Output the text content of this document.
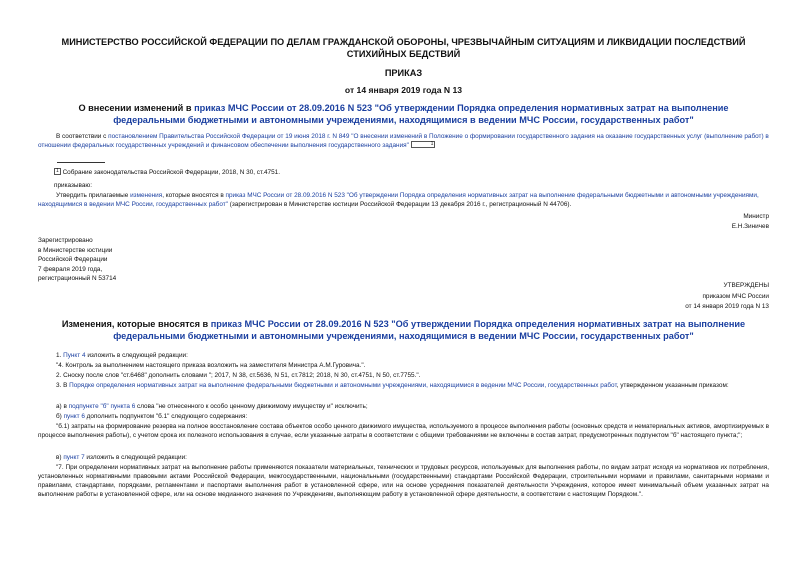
МИНИСТЕРСТВО РОССИЙСКОЙ ФЕДЕРАЦИИ ПО ДЕЛАМ ГРАЖДАНСКОЙ ОБОРОНЫ, ЧРЕЗВЫЧАЙНЫМ СИТУАЦИЯМ И ЛИКВИДАЦИИ ПОСЛЕДСТВИЙ СТИХИЙНЫХ БЕДСТВИЙ
ПРИКАЗ
от 14 января 2019 года N 13
О внесении изменений в приказ МЧС России от 28.09.2016 N 523 "Об утверждении Порядка определения нормативных затрат на выполнение федеральными бюджетными и автономными учреждениями, находящимися в ведении МЧС России, государственных работ"
В соответствии с постановлением Правительства Российской Федерации от 19 июня 2018 г. N 849 "О внесении изменений в Положение о формировании государственного задания на оказание государственных услуг (выполнение работ) в отношении федеральных государственных учреждений и финансовом обеспечении выполнения государственного задания"	1
1 Собрание законодательства Российской Федерации, 2018, N 30, ст.4751.
приказываю:
Утвердить прилагаемые изменения, которые вносятся в приказ МЧС России от 28.09.2016 N 523 "Об утверждении Порядка определения нормативных затрат на выполнение федеральными бюджетными и автономными учреждениями, находящимися в ведении МЧС России, государственных работ" (зарегистрирован в Министерстве юстиции Российской Федерации 13 декабря 2016 г., регистрационный N 44706).
Министр
Е.Н.Зиничев
Зарегистрировано
в Министерстве юстиции
Российской Федерации
7 февраля 2019 года,
регистрационный N 53714
УТВЕРЖДЕНЫ
приказом МЧС России
от 14 января 2019 года N 13
Изменения, которые вносятся в приказ МЧС России от 28.09.2016 N 523 "Об утверждении Порядка определения нормативных затрат на выполнение федеральными бюджетными и автономными учреждениями, находящимися в ведении МЧС России, государственных работ"
1. Пункт 4 изложить в следующей редакции:
"4. Контроль за выполнением настоящего приказа возложить на заместителя Министра А.М.Гуровича.".
2. Сноску после слов "ст.6468" дополнить словами "; 2017, N 38, ст.5636, N 51, ст.7812; 2018, N 30, ст.4751, N 50, ст.7755.".
3. В Порядке определения нормативных затрат на выполнение федеральными бюджетными и автономными учреждениями, находящимися в ведении МЧС России, государственных работ, утвержденном указанным приказом:
а) в подпункте "б" пункта 6 слова "не отнесенного к особо ценному движимому имуществу и" исключить;
б) пункт 6 дополнить подпунктом "б.1" следующего содержания:
"б.1) затраты на формирование резерва на полное восстановление состава объектов особо ценного движимого имущества, используемого в процессе выполнения работы (основных средств и нематериальных активов, амортизируемых в процессе выполнения работы), с учетом срока их полезного использования в случае, если указанные затраты в соответствии с общими требованиями не включены в состав затрат, предусмотренных подпунктом "б" настоящего пункта;";
в) пункт 7 изложить в следующей редакции:
"7. При определении нормативных затрат на выполнение работы применяются показатели материальных, технических и трудовых ресурсов, используемых для выполнения работы, по видам затрат исходя из нормативов их потребления, установленных нормативными правовыми актами Российской Федерации, межгосударственными, национальными (государственными) стандартами Российской Федерации, строительными нормами и правилами, санитарными нормами и правилами, стандартами, порядками, регламентами и паспортами выполнения работ в установленной сфере, или на основе усреднения показателей деятельности Учреждения, которое имеет минимальный объем указанных затрат на выполнение работы в установленной сфере, или на основе медианного значения по Учреждениям, выполняющим работу в установленной сфере деятельности, в соответствии с настоящим Порядком.".
